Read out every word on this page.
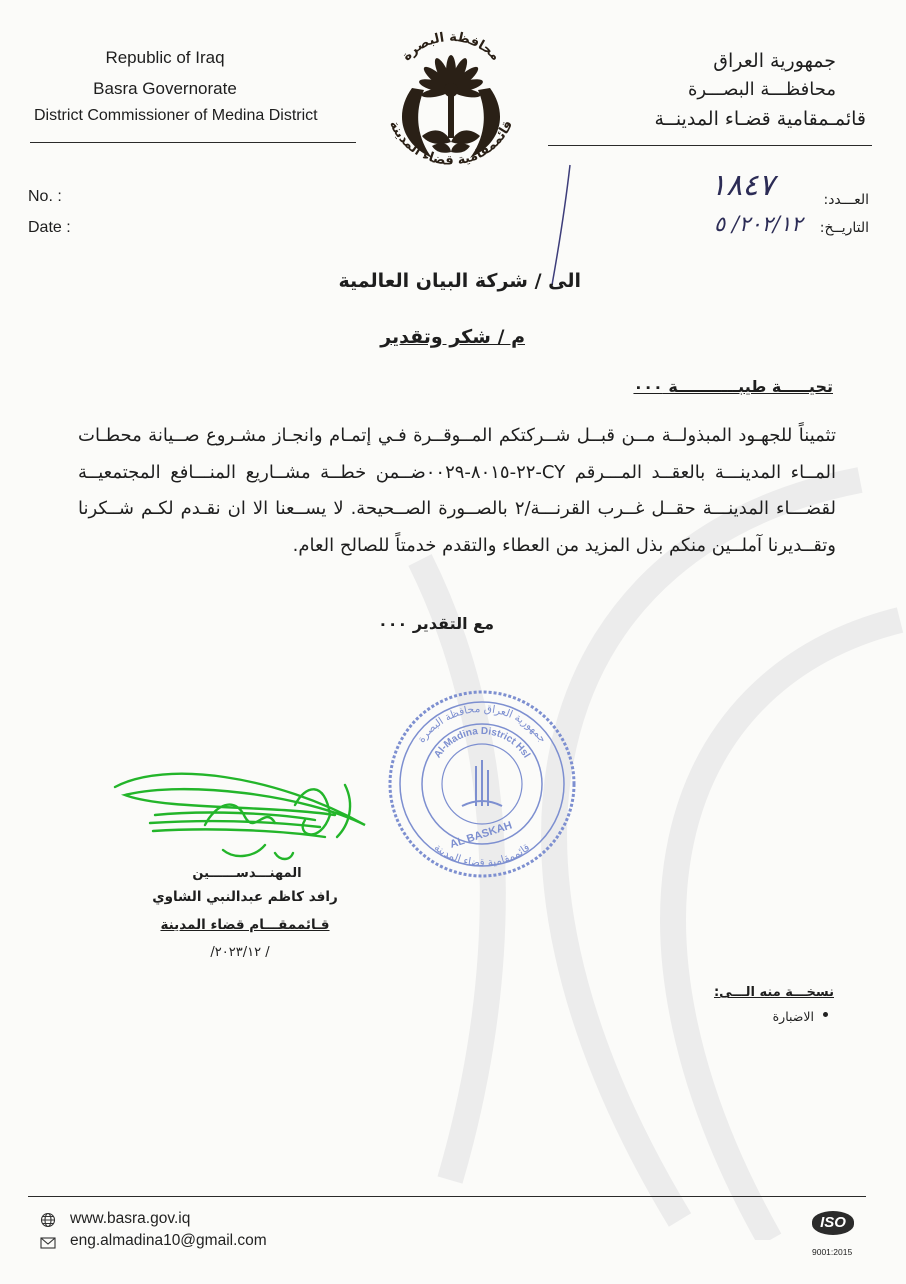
Republic of Iraq
Basra Governorate
District Commissioner of Medina District
جمهورية العراق
محافظـــة البصـــرة
قائمـمقامية قضـاء المدينــة
محافظة البصرة
قائممقامية قضاء المدينة
No. :
Date :
العـــدد:
التاريــخ:
١٨٤٧
٢٠٢/١٢/ ٥
الى / شركة البيان العالمية
م / شكر وتقدير
تحيـــــة طيبـــــــــــة ٠٠٠
تثميناً للجهـود المبذولــة مــن قبــل شــركتكم المــوقــرة فـي إتمـام وانجـاز مشـروع صــيانة محطـات المــاء المدينـــة بالعقــد المـــرقم CY-٢٢-٨٠١٥-٠٠٢٩ضــمن خطــة مشــاريع المنـــافع المجتمعيــة لقضـــاء المدينـــة حقــل غــرب القرنـــة/٢ بالصــورة الصــحيحة. لا يســعنا الا ان نقـدم لكـم شــكرنا وتقــديرنا آملــين منكم بذل المزيد من العطاء والتقدم خدمتاً للصالح العام.
مع التقدير ٠٠٠
جمهورية العراق محافظة البصرة
قائممقامية قضاء المدينة
Al-Madina District Hsl
AL BASKAH
المهنـــدســــــين
رافد كاظم عبدالنبي الشاوي
قـائممقـــام قضاء المدينة
/ ٢٠٢٣/١٢/
نسخـــة منه الـــى:
الاضبارة
www.basra.gov.iq
eng.almadina10@gmail.com
ISO
9001:2015
